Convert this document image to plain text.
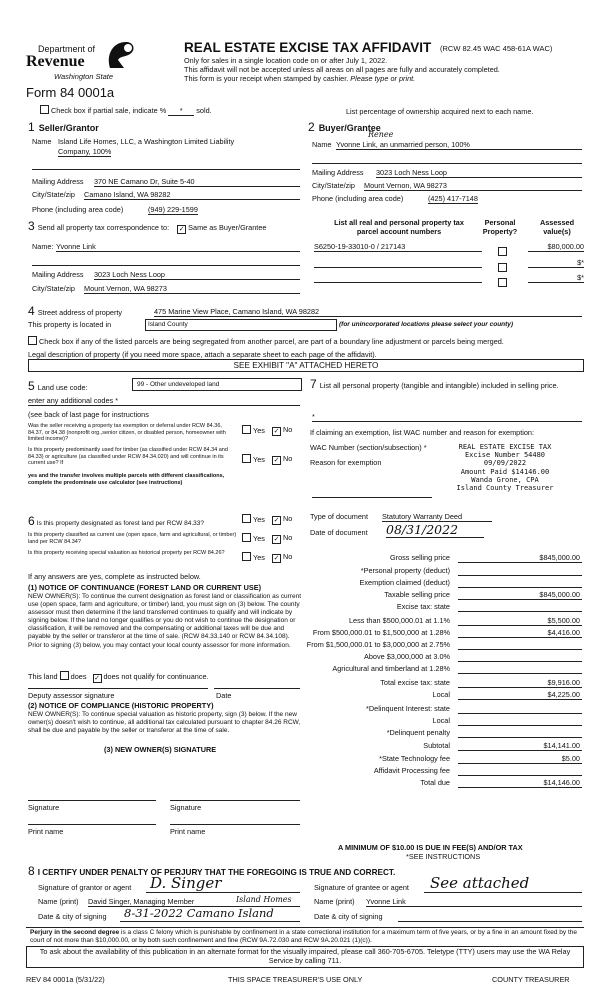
Department of
Revenue
Washington State
Form 84 0001a
REAL ESTATE EXCISE TAX AFFIDAVIT (RCW 82.45 WAC 458-61A WAC)
Only for sales in a single location code on or after July 1, 2022.
This affidavit will not be accepted unless all areas on all pages are fully and accurately completed.
This form is your receipt when stamped by cashier. Please type or print.
Check box if partial sale, indicate % * sold.	List percentage of ownership acquired next to each name.
1 Seller/Grantor
Name Island Life Homes, LLC, a Washington Limited Liability
Company, 100%
Mailing Address 370 NE Camano Dr, Suite 5-40
City/State/zip Camano Island, WA 98282
Phone (including area code)	(949) 229-1599
2 Buyer/Grantee
Renee
Name Yvonne Link, an unmarried person, 100%
Mailing Address 3023 Loch Ness Loop
City/State/zip Mount Vernon, WA 98273
Phone (including area code)	(425) 417-7148
3 Send all property tax correspondence to: ✓ Same as Buyer/Grantee
Name: Yvonne Link
Mailing Address 3023 Loch Ness Loop
City/State/zip Mount Vernon, WA 98273
List all real and personal property tax
parcel account numbers
Personal
Property?
Assessed
value(s)
S6250-19-33010-0 / 217143	$80,000.00
$*
$*
4 Street address of property	475 Marine View Place, Camano Island, WA 98282
This property is located in	Island County	(for unincorporated locations please select your county)
Check box if any of the listed parcels are being segregated from another parcel, are part of a boundary line adjustment or parcels being merged.
Legal description of property (if you need more space, attach a separate sheet to each page of the affidavit).
SEE EXHIBIT "A" ATTACHED HERETO
5 Land use code:	99 - Other undeveloped land
enter any additional codes *
(see back of last page for instructions
Was the seller receiving a property tax exemption or deferral under RCW 84.36, 84.37, or 84.38 (nonprofit org.,senior citizen, or disabled person, homeowner with limited income)?
Yes ✓ No
Is this property predominantly used for timber (as classified under RCW 84.34 and 84.33) or agriculture (as classified under RCW 84.34.020) and will continue in its current use? If
yes and the transfer involves multiple parcels with different classifications, complete the predominate use calculator (see instructions)
Yes ✓ No
6 Is this property designated as forest land per RCW 84.33?	Yes ✓ No
Is this property classified as current use (open space, farm and agricultural, or timber) land per RCW 84.34?	Yes ✓ No
Is this property receiving special valuation as historical property per RCW 84.26?	Yes ✓ No
If any answers are yes, complete as instructed below.
(1) NOTICE OF CONTINUANCE (FOREST LAND OR CURRENT USE)
NEW OWNER(S): To continue the current designation as forest land or classification as current use (open space, farm and agriculture, or timber) land, you must sign on (3) below. The county assessor must then determine if the land transferred continues to qualify and will indicate by signing below. If the land no longer qualifies or you do not wish to continue the designation or classification, it will be removed and the compensating or additional taxes will be due and payable by the seller or transferor at the time of sale. (RCW 84.33.140 or RCW 84.34.108). Prior to signing (3) below, you may contact your local county assessor for more information.
This land does ✓ does not qualify for continuance.
Deputy assessor signature	Date
(2) NOTICE OF COMPLIANCE (HISTORIC PROPERTY)
NEW OWNER(S): To continue special valuation as historic property, sign (3) below. If the new owner(s) doesn't wish to continue, all additional tax calculated pursuant to chapter 84.26 RCW, shall be due and payable by the seller or transferor at the time of sale.
(3) NEW OWNER(S) SIGNATURE
Signature	Signature
Print name	Print name
7 List all personal property (tangible and intangible) included in selling price.
*
If claiming an exemption, list WAC number and reason for exemption:
WAC Number (section/subsection) *
Reason for exemption
REAL ESTATE EXCISE TAX
Excise Number 54480
09/09/2022
Amount Paid $14146.00
Wanda Grone, CPA
Island County Treasurer
Type of document Statutory Warranty Deed
Date of document 08/31/2022
Gross selling price	$845,000.00
*Personal property (deduct)
Exemption claimed (deduct)
Taxable selling price	$845,000.00
Excise tax: state
Less than $500,000.01 at 1.1%	$5,500.00
From $500,000.01 to $1,500,000 at 1.28%	$4,416.00
From $1,500,000.01 to $3,000,000 at 2.75%
Above $3,000,000 at 3.0%
Agricultural and timberland at 1.28%
Total excise tax: state	$9,916.00
Local	$4,225.00
*Delinquent Interest: state
Local
*Delinquent penalty
Subtotal	$14,141.00
*State Technology fee	$5.00
Affidavit Processing fee
Total due	$14,146.00
A MINIMUM OF $10.00 IS DUE IN FEE(S) AND/OR TAX
*SEE INSTRUCTIONS
8 I CERTIFY UNDER PENALTY OF PERJURY THAT THE FOREGOING IS TRUE AND CORRECT.
Signature of grantor or agent D. Singer
Name (print) David Singer, Managing Member	Island Homes
Date & city of signing 8-31-2022 Camano Island
Signature of grantee or agent See attached
Name (print) Yvonne Link
Date & city of signing
Perjury in the second degree is a class C felony which is punishable by confinement in a state correctional institution for a maximum term of five years, or by a fine in an amount fixed by the court of not more than $10,000.00, or by both such confinement and fine (RCW 9A.72.030 and RCW 9A.20.021 (1)(c)).
To ask about the availability of this publication in an alternate format for the visually impaired, please call 360-705-6705. Teletype (TTY) users may use the WA Relay Service by calling 711.
REV 84 0001a (5/31/22)	THIS SPACE TREASURER'S USE ONLY	COUNTY TREASURER
